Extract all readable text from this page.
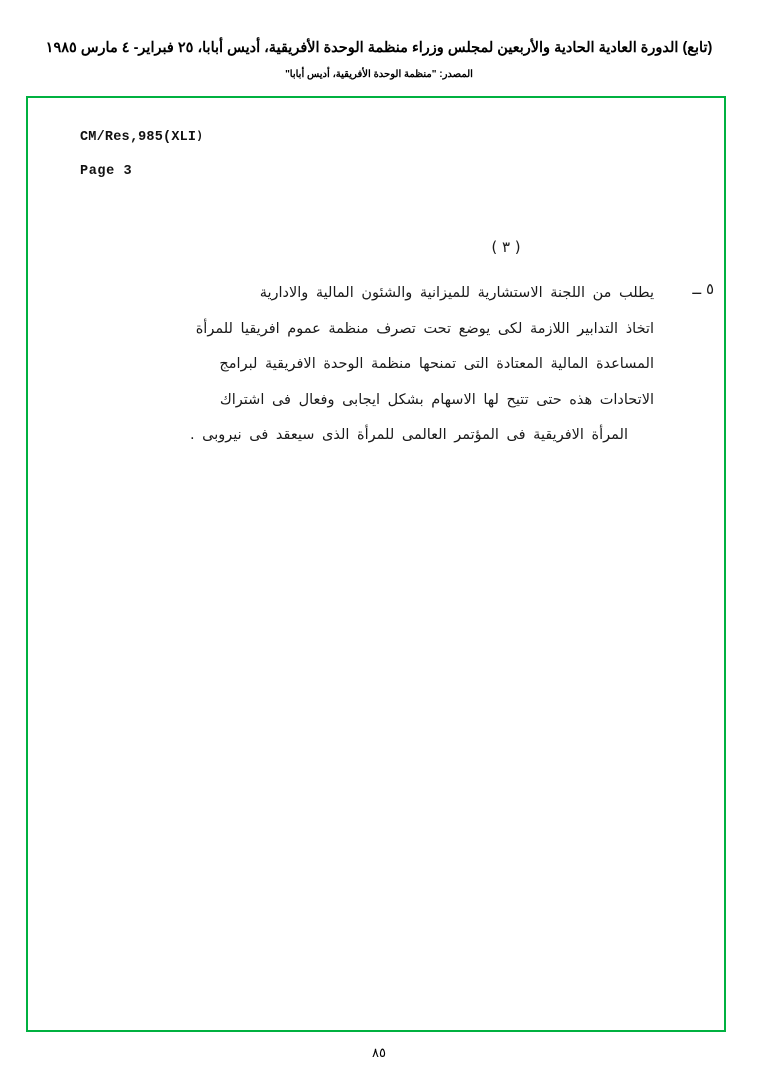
(تابع) الدورة العادية الحادية والأربعين لمجلس وزراء منظمة الوحدة الأفريقية، أديس أبابا، ٢٥ فبراير- ٤ مارس ١٩٨٥
المصدر: "منظمة الوحدة الأفريقية، أديس أبابا"
CM/Res‚985(XLI)
Page 3
( ٣ )
٥ ــ
يطلب من اللجنة الاستشارية للميزانية والشئون المالية والادارية
اتخاذ التدابير اللازمة لكى يوضع تحت تصرف منظمة عموم افريقيا للمرأة
المساعدة المالية المعتادة التى تمنحها منظمة الوحدة الافريقية لبرامج
الاتحادات هذه حتى تتيح لها الاسهام بشكل ايجابى وفعال فى اشتراك
المرأة الافريقية فى المؤتمر العالمى للمرأة الذى سيعقد فى نيروبى .
٨٥
